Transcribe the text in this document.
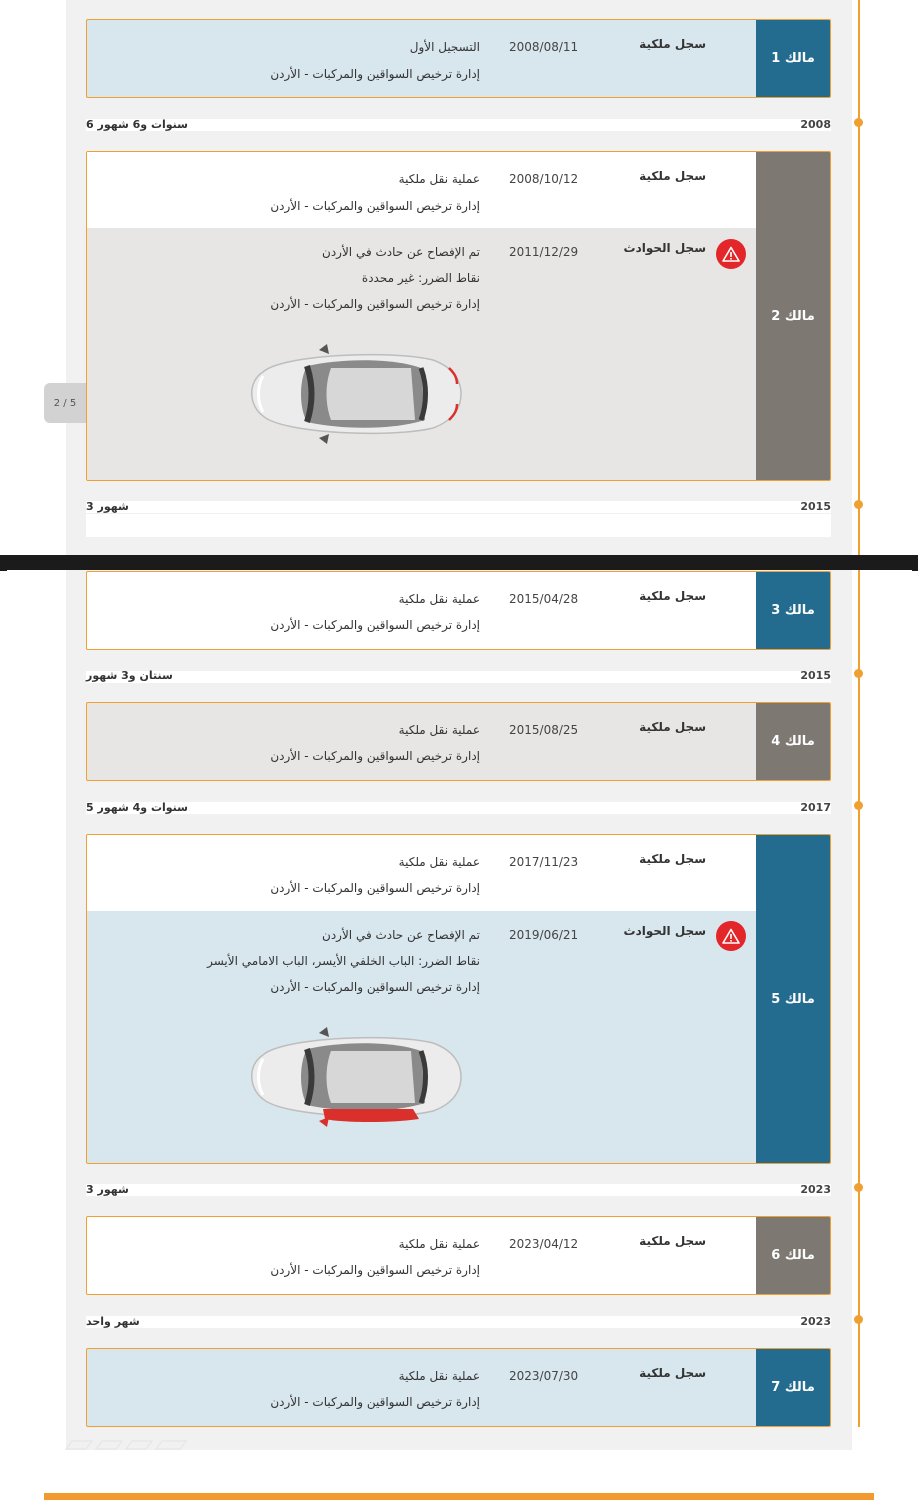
مالك 1
سجل ملكية
2008/08/11
التسجيل الأول
إدارة ترخيص السواقين والمركبات - الأردن
6 سنوات و6 شهور	2008
مالك 2
سجل ملكية
2008/10/12
عملية نقل ملكية
إدارة ترخيص السواقين والمركبات - الأردن
سجل الحوادث
2011/12/29
تم الإفصاح عن حادث في الأردن
نقاط الضرر: غير محددة
إدارة ترخيص السواقين والمركبات - الأردن
3 شهور	2015
2 / 5
مالك 3
سجل ملكية
2015/04/28
عملية نقل ملكية
إدارة ترخيص السواقين والمركبات - الأردن
سنتان و3 شهور	2015
مالك 4
سجل ملكية
2015/08/25
عملية نقل ملكية
إدارة ترخيص السواقين والمركبات - الأردن
5 سنوات و4 شهور	2017
مالك 5
سجل ملكية
2017/11/23
عملية نقل ملكية
إدارة ترخيص السواقين والمركبات - الأردن
سجل الحوادث
2019/06/21
تم الإفصاح عن حادث في الأردن
نقاط الضرر: الباب الخلفي الأيسر، الباب الامامي الأيسر
إدارة ترخيص السواقين والمركبات - الأردن
3 شهور	2023
مالك 6
سجل ملكية
2023/04/12
عملية نقل ملكية
إدارة ترخيص السواقين والمركبات - الأردن
شهر واحد	2023
مالك 7
سجل ملكية
2023/07/30
عملية نقل ملكية
إدارة ترخيص السواقين والمركبات - الأردن
